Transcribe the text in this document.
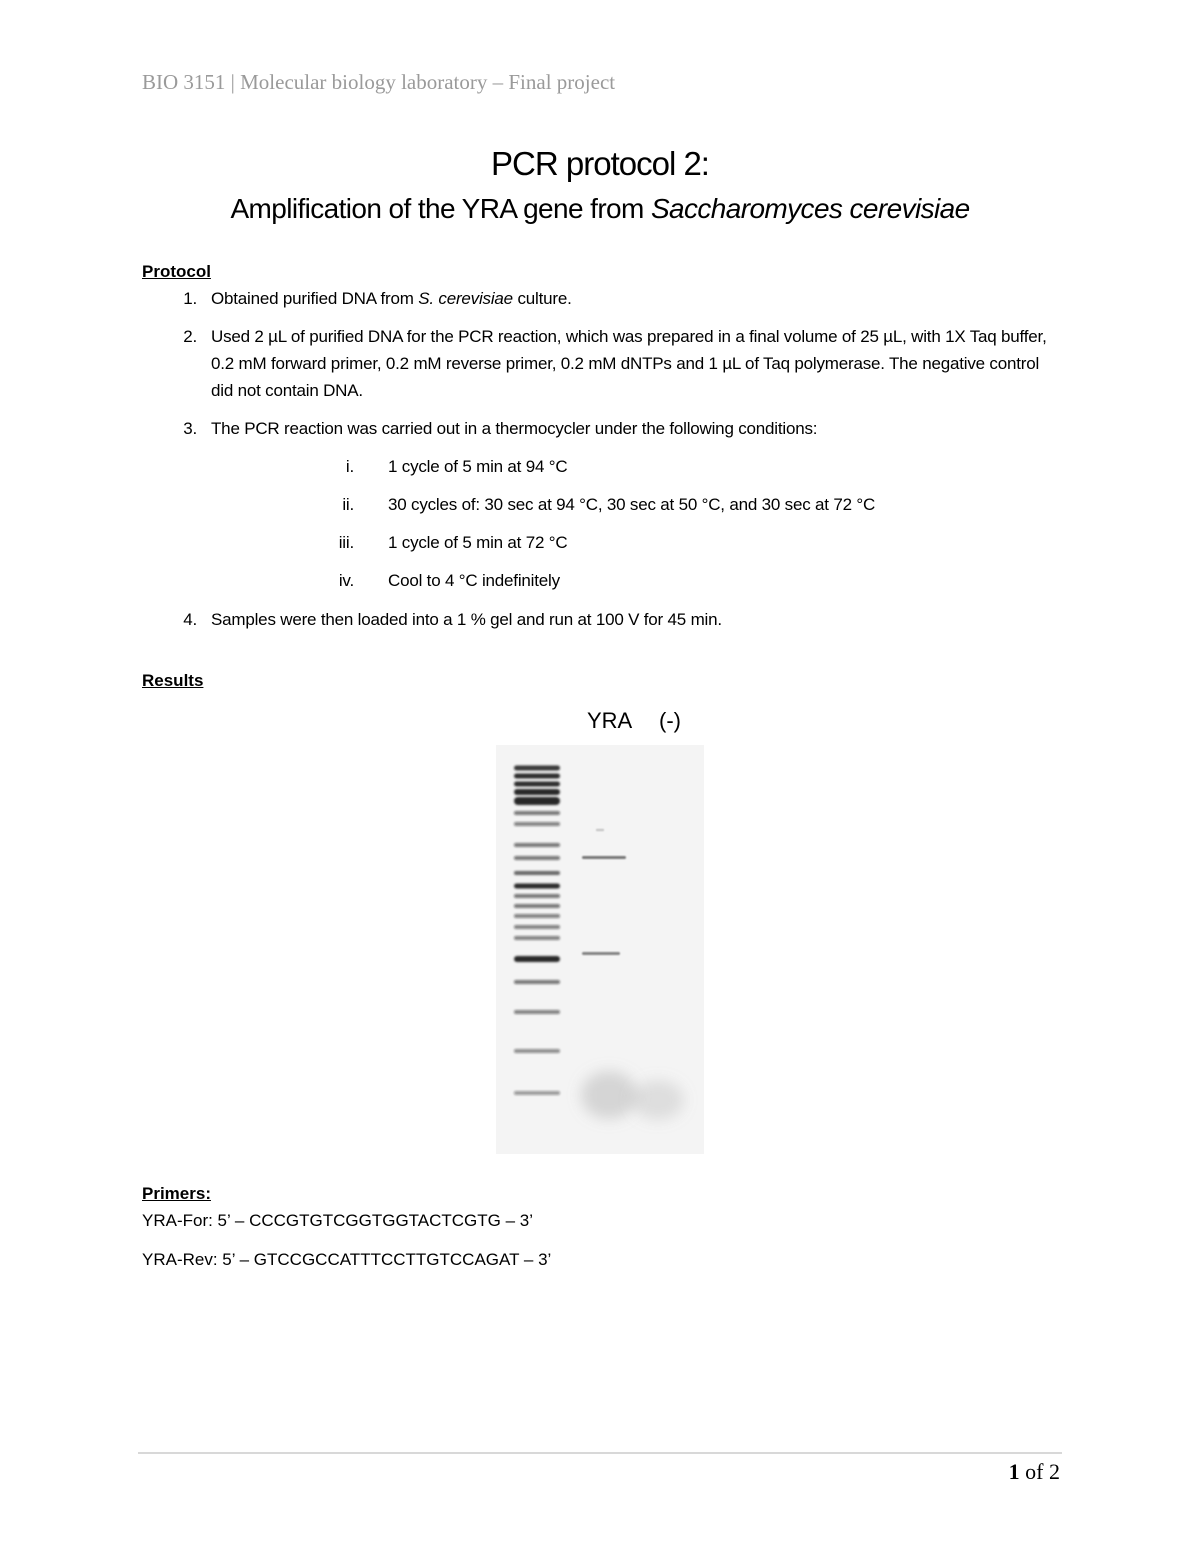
BIO 3151 | Molecular biology laboratory – Final project
PCR protocol 2:
Amplification of the YRA gene from Saccharomyces cerevisiae
Protocol
1. Obtained purified DNA from S. cerevisiae culture.
2. Used 2 µL of purified DNA for the PCR reaction, which was prepared in a final volume of 25 µL, with 1X Taq buffer, 0.2 mM forward primer, 0.2 mM reverse primer, 0.2 mM dNTPs and 1 µL of Taq polymerase. The negative control did not contain DNA.
3. The PCR reaction was carried out in a thermocycler under the following conditions:
i. 1 cycle of 5 min at 94 °C
ii. 30 cycles of: 30 sec at 94 °C, 30 sec at 50 °C, and 30 sec at 72 °C
iii. 1 cycle of 5 min at 72 °C
iv. Cool to 4 °C indefinitely
4. Samples were then loaded into a 1 % gel and run at 100 V for 45 min.
Results
YRA (-)
Primers:
YRA-For: 5’ – CCCGTGTCGGTGGTACTCGTG – 3’
YRA-Rev: 5’ – GTCCGCCATTTCCTTGTCCAGAT – 3’
1 of 2
